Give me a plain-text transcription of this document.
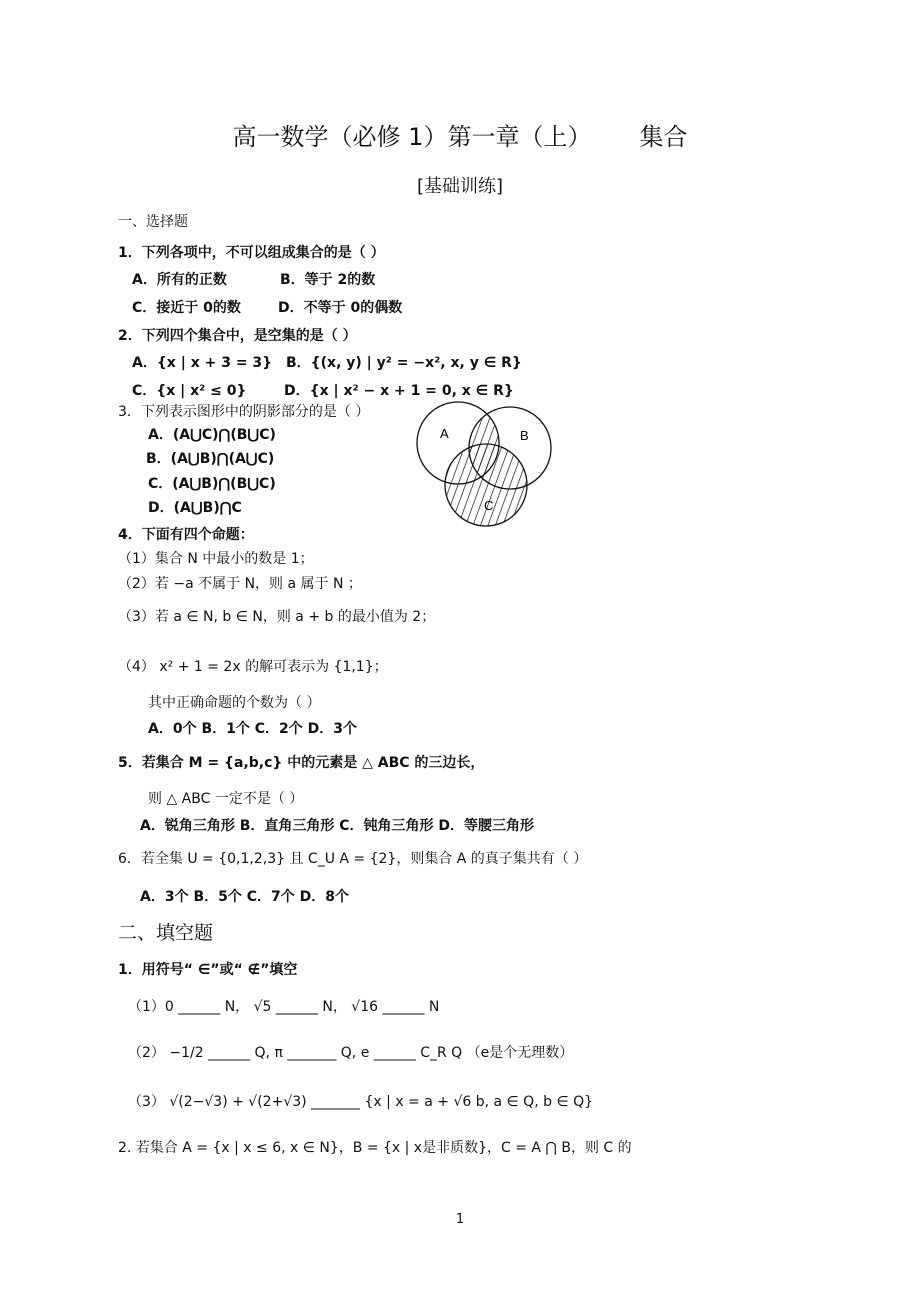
高一数学（必修 1）第一章（上） 集合
[基础训练]
一、选择题
1．下列各项中，不可以组成集合的是（ ）
A．所有的正数	B．等于 2的数
C．接近于 0的数	D．不等于 0的偶数
2．下列四个集合中，是空集的是（ ）
A．{x | x + 3 = 3} B．{(x, y) | y² = −x², x, y ∈ R}
C．{x | x² ≤ 0}	D．{x | x² − x + 1 = 0, x ∈ R}
3．下列表示图形中的阴影部分的是（ ）
A．(A⋃C)⋂(B⋃C)
B．(A⋃B)⋂(A⋃C)
C．(A⋃B)⋂(B⋃C)
D．(A⋃B)⋂C
A	B
C
4．下面有四个命题：
（1）集合 N 中最小的数是 1；
（2）若 −a 不属于 N，则 a 属于 N ；
（3）若 a ∈ N, b ∈ N，则 a + b 的最小值为 2；
（4） x² + 1 = 2x 的解可表示为 {1,1}；
其中正确命题的个数为（ ）
A．0个 B．1个 C．2个 D．3个
5．若集合 M = {a,b,c} 中的元素是 △ ABC 的三边长，
则 △ ABC 一定不是（ ）
A．锐角三角形 B．直角三角形 C．钝角三角形 D．等腰三角形
6．若全集 U = {0,1,2,3} 且 C_U A = {2}，则集合 A 的真子集共有（ ）
A．3个 B．5个 C．7个 D．8个
二、填空题
1．用符号“ ∈”或“ ∉”填空
（1）0 ______ N， √5 ______ N， √16 ______ N
（2） −1/2 ______ Q, π _______ Q, e ______ C_R Q （e是个无理数）
（3） √(2−√3) + √(2+√3) _______ {x | x = a + √6 b, a ∈ Q, b ∈ Q}
2. 若集合 A = {x | x ≤ 6, x ∈ N}，B = {x | x是非质数}，C = A ⋂ B，则 C 的
1
